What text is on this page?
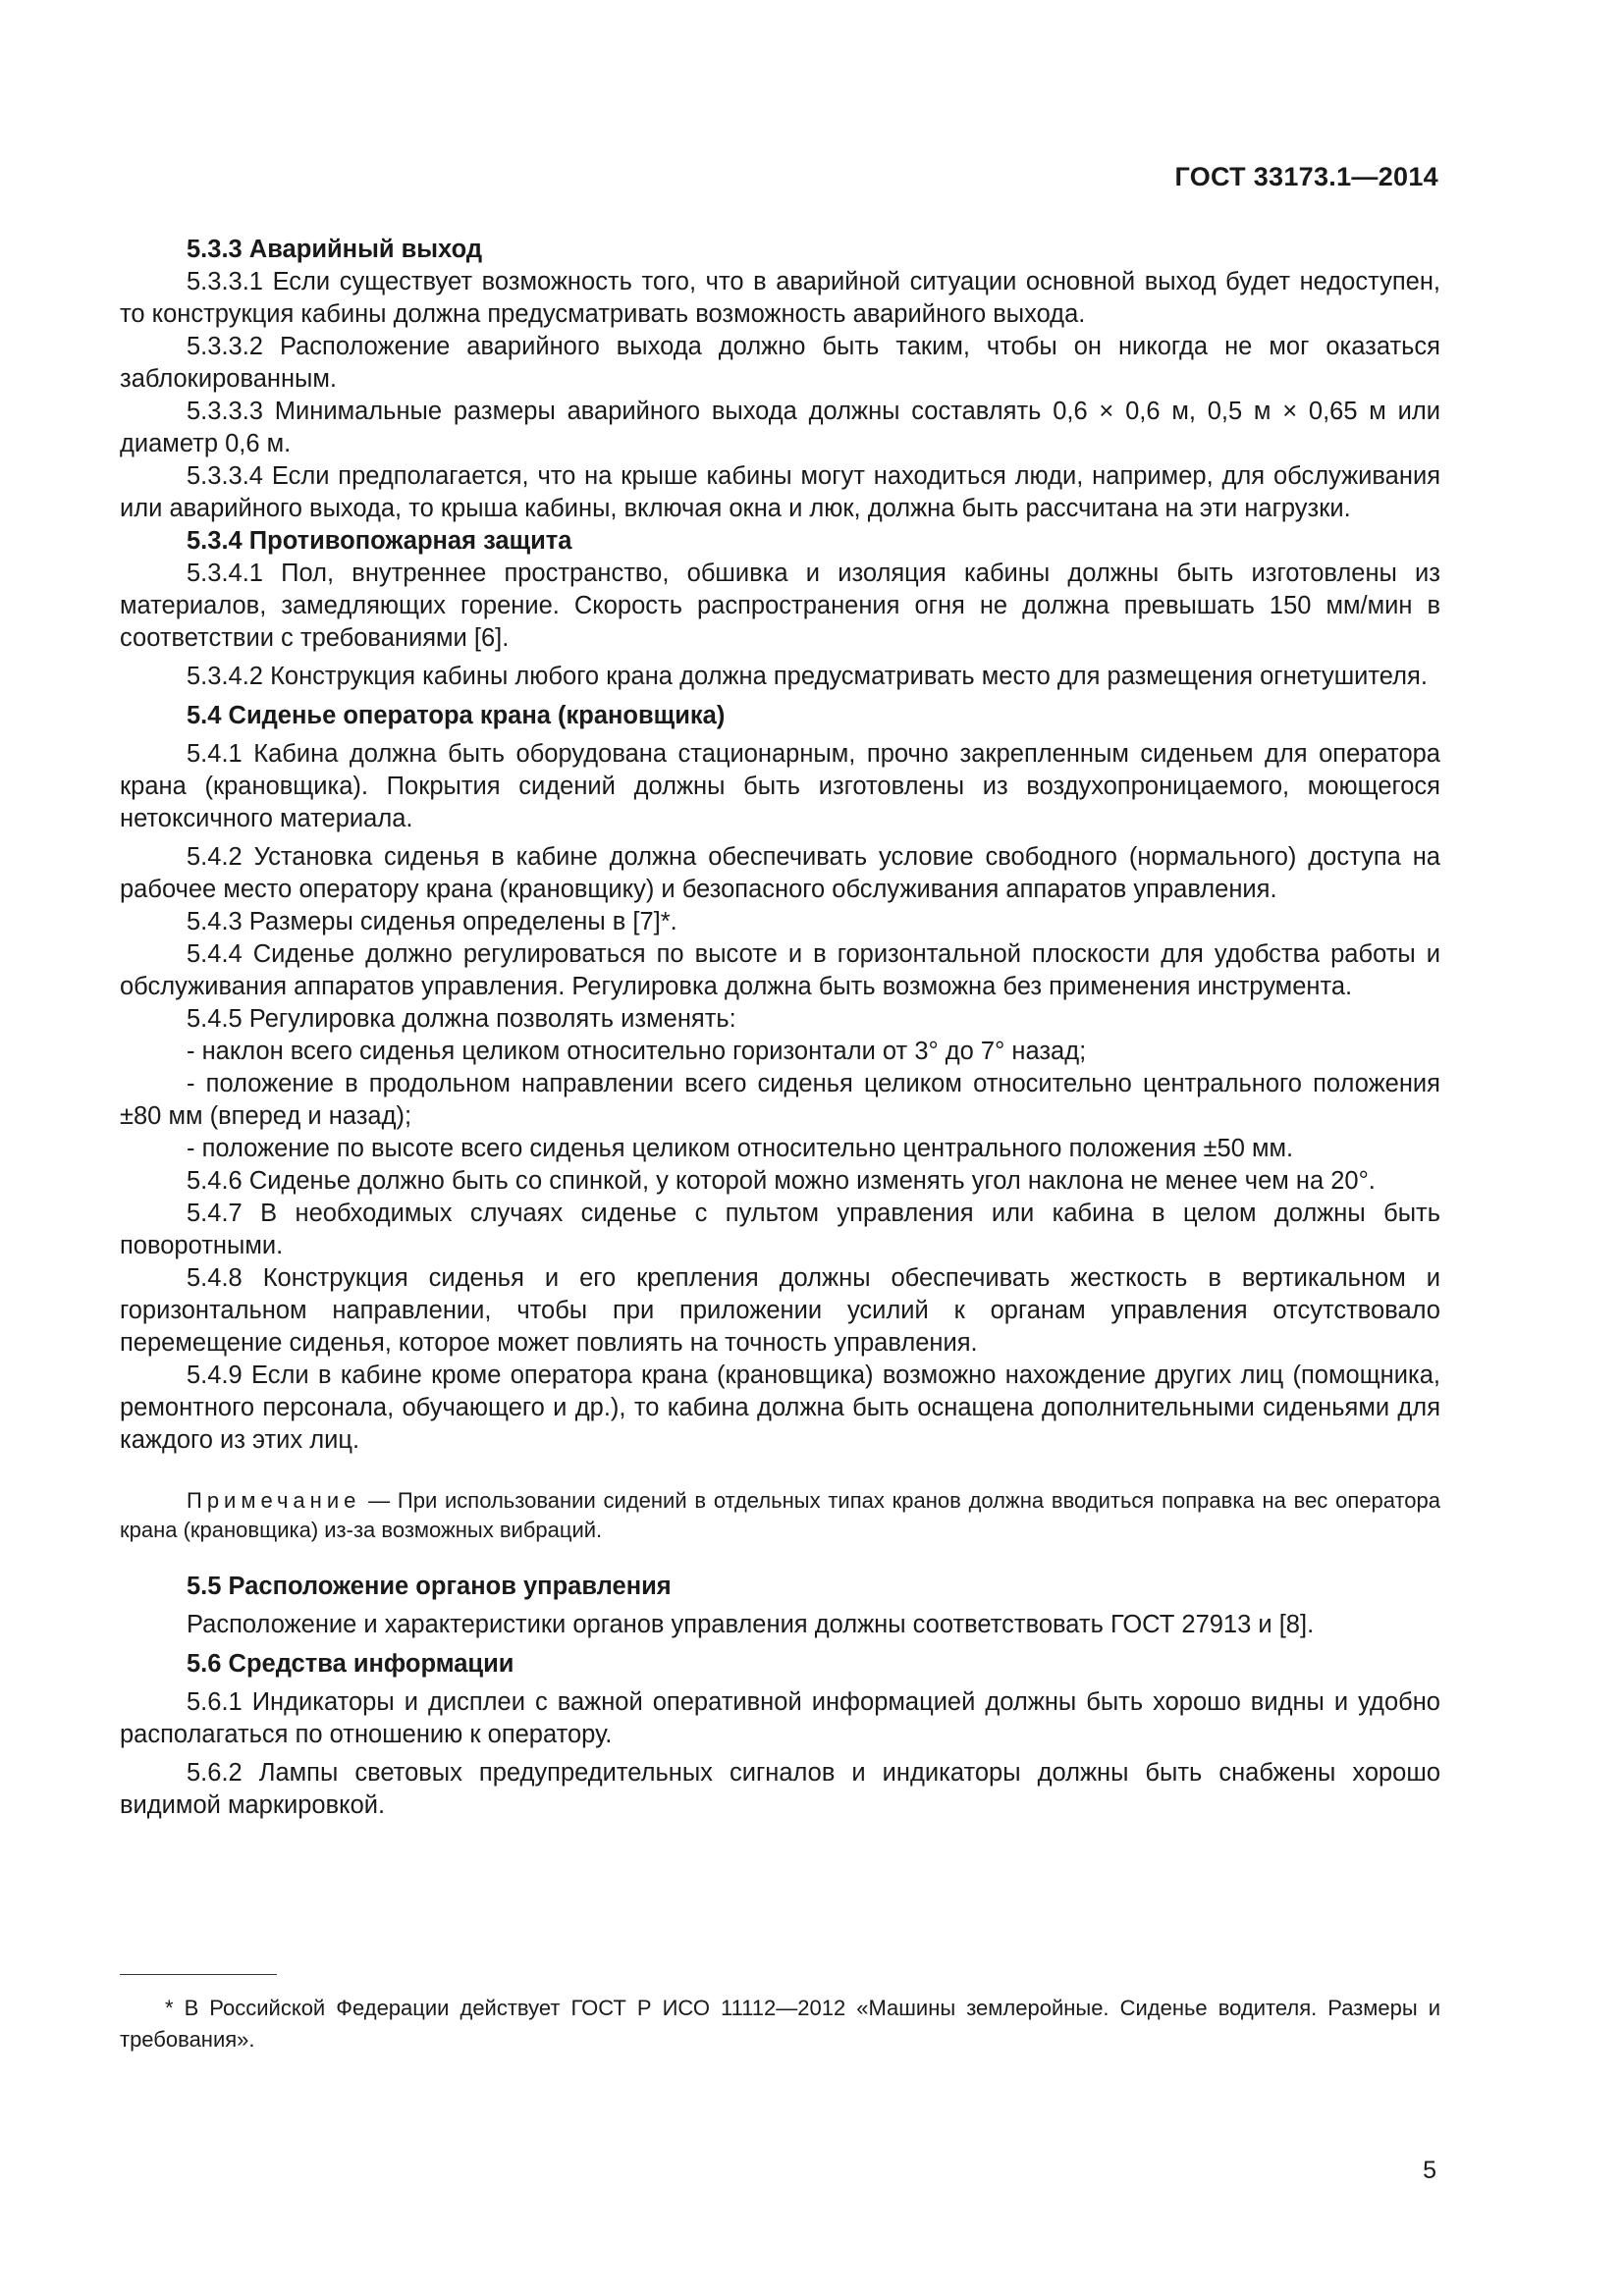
ГОСТ 33173.1—2014

5.3.3 Аварийный выход

5.3.3.1 Если существует возможность того, что в аварийной ситуации основной выход будет недоступен, то конструкция кабины должна предусматривать возможность аварийного выхода.

5.3.3.2 Расположение аварийного выхода должно быть таким, чтобы он никогда не мог оказаться заблокированным.

5.3.3.3 Минимальные размеры аварийного выхода должны составлять 0,6 × 0,6 м, 0,5 м × 0,65 м или диаметр 0,6 м.

5.3.3.4 Если предполагается, что на крыше кабины могут находиться люди, например, для обслуживания или аварийного выхода, то крыша кабины, включая окна и люк, должна быть рассчитана на эти нагрузки.

5.3.4 Противопожарная защита

5.3.4.1 Пол, внутреннее пространство, обшивка и изоляция кабины должны быть изготовлены из материалов, замедляющих горение. Скорость распространения огня не должна превышать 150 мм/мин в соответствии с требованиями [6].

5.3.4.2 Конструкция кабины любого крана должна предусматривать место для размещения огнетушителя.

5.4 Сиденье оператора крана (крановщика)

5.4.1 Кабина должна быть оборудована стационарным, прочно закрепленным сиденьем для оператора крана (крановщика). Покрытия сидений должны быть изготовлены из воздухопроницаемого, моющегося нетоксичного материала.

5.4.2 Установка сиденья в кабине должна обеспечивать условие свободного (нормального) доступа на рабочее место оператору крана (крановщику) и безопасного обслуживания аппаратов управления.

5.4.3 Размеры сиденья определены в [7]*.

5.4.4 Сиденье должно регулироваться по высоте и в горизонтальной плоскости для удобства работы и обслуживания аппаратов управления. Регулировка должна быть возможна без применения инструмента.

5.4.5 Регулировка должна позволять изменять:

- наклон всего сиденья целиком относительно горизонтали от 3° до 7° назад;

- положение в продольном направлении всего сиденья целиком относительно центрального положения ±80 мм (вперед и назад);

- положение по высоте всего сиденья целиком относительно центрального положения ±50 мм.

5.4.6 Сиденье должно быть со спинкой, у которой можно изменять угол наклона не менее чем на 20°.

5.4.7 В необходимых случаях сиденье с пультом управления или кабина в целом должны быть поворотными.

5.4.8 Конструкция сиденья и его крепления должны обеспечивать жесткость в вертикальном и горизонтальном направлении, чтобы при приложении усилий к органам управления отсутствовало перемещение сиденья, которое может повлиять на точность управления.

5.4.9 Если в кабине кроме оператора крана (крановщика) возможно нахождение других лиц (помощника, ремонтного персонала, обучающего и др.), то кабина должна быть оснащена дополнительными сиденьями для каждого из этих лиц.

Примечание — При использовании сидений в отдельных типах кранов должна вводиться поправка на вес оператора крана (крановщика) из-за возможных вибраций.

5.5 Расположение органов управления

Расположение и характеристики органов управления должны соответствовать ГОСТ 27913 и [8].

5.6 Средства информации

5.6.1 Индикаторы и дисплеи с важной оперативной информацией должны быть хорошо видны и удобно располагаться по отношению к оператору.

5.6.2 Лампы световых предупредительных сигналов и индикаторы должны быть снабжены хорошо видимой маркировкой.

* В Российской Федерации действует ГОСТ Р ИСО 11112—2012 «Машины землеройные. Сиденье водителя. Размеры и требования».

5
